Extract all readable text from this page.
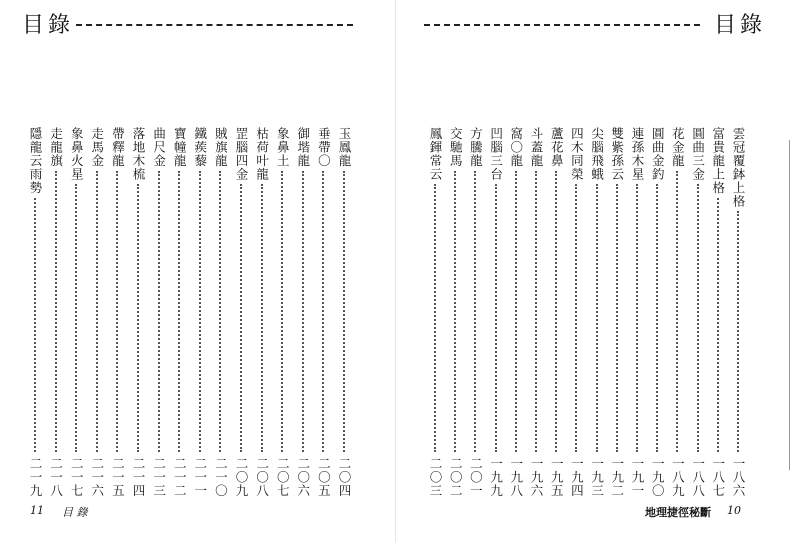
目錄
玉鳳龍
二〇四
垂帶〇
二〇五
御堦龍
二〇六
象鼻土
二〇七
枯荷叶龍
二〇八
罡腦四金
二〇九
賊旗龍
二一〇
鐵蒺藜
二一一
寶幢龍
二一二
曲尺金
二一三
落地木梳
二一四
帶釋龍
二一五
走馬金
二一六
象鼻火星
二一七
走龍旗
二一八
隱龍云雨勢
二一九
11 目 錄
目錄
雲冠覆鉢上格
一八六
富貴龍上格
一八七
圓曲三金
一八八
花金龍
一八九
圓曲金釣
一九〇
連孫木星
一九一
雙紫孫云
一九二
尖腦飛蛾
一九三
四木同榮
一九四
蘆花鼻
一九五
斗蓋龍
一九六
窩〇龍
一九八
凹腦三台
一九九
方騰龍
二〇一
交馳馬
二〇二
鳳鍕常云
二〇三
地理捷徑秘斷 10
